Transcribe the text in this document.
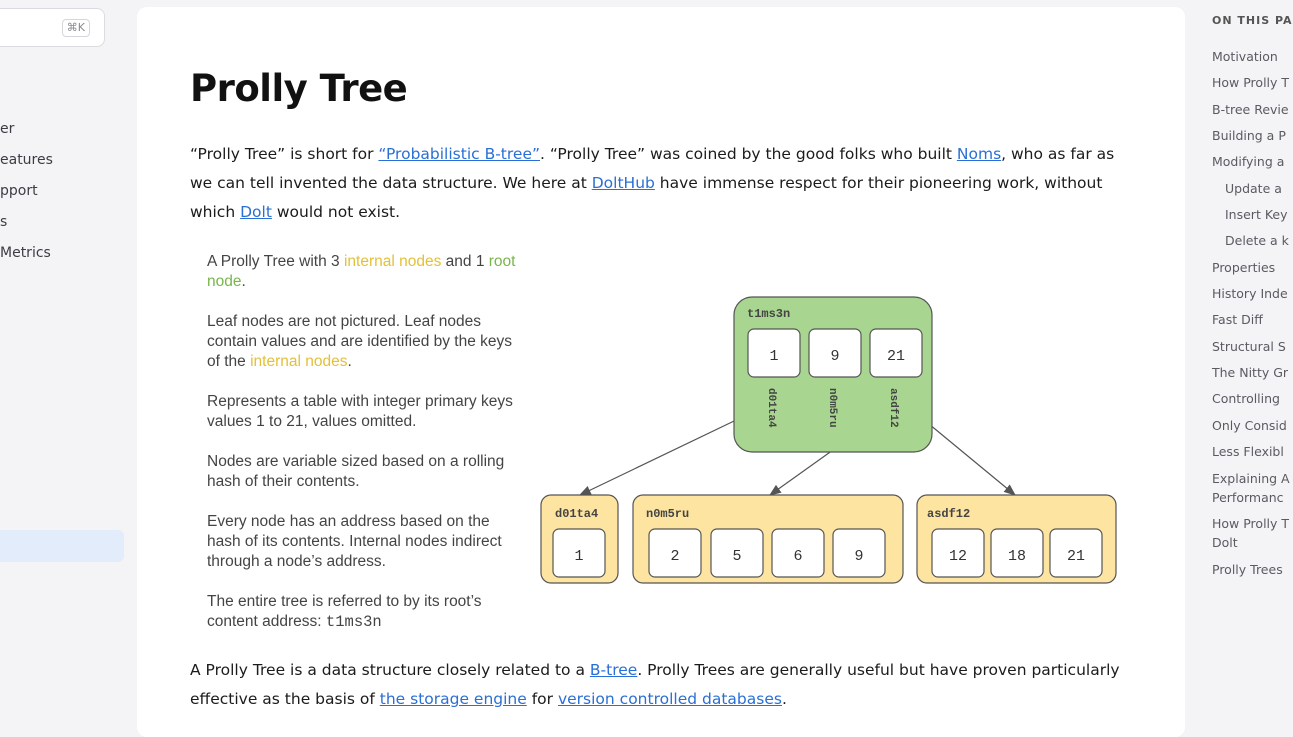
⌘K
er
eatures
pport
s
Metrics
Prolly Tree

“Prolly Tree” is short for “Probabilistic B-tree”. “Prolly Tree” was coined by the good folks who built Noms, who as far as we can tell invented the data structure. We here at DoltHub have immense respect for their pioneering work, without which Dolt would not exist.

A Prolly Tree with 3 internal nodes and 1 root node.

Leaf nodes are not pictured. Leaf nodes contain values and are identified by the keys of the internal nodes.

Represents a table with integer primary keys values 1 to 21, values omitted.

Nodes are variable sized based on a rolling hash of their contents.

Every node has an address based on the hash of its contents. Internal nodes indirect through a node’s address.

The entire tree is referred to by its root’s content address: t1ms3n

t1ms3n
1	9	21
d01ta4	n0m5ru	asdf12
d01ta4
1
n0m5ru
2	5	6	9
asdf12
12	18	21

A Prolly Tree is a data structure closely related to a B-tree. Prolly Trees are generally useful but have proven particularly effective as the basis of the storage engine for version controlled databases.

ON THIS PA
Motivation
How Prolly T
B-tree Revie
Building a P
Modifying a
Update a
Insert Key
Delete a k
Properties
History Inde
Fast Diff
Structural S
The Nitty Gr
Controlling
Only Consid
Less Flexibl
Explaining A
Performanc
How Prolly T
Dolt
Prolly Trees
